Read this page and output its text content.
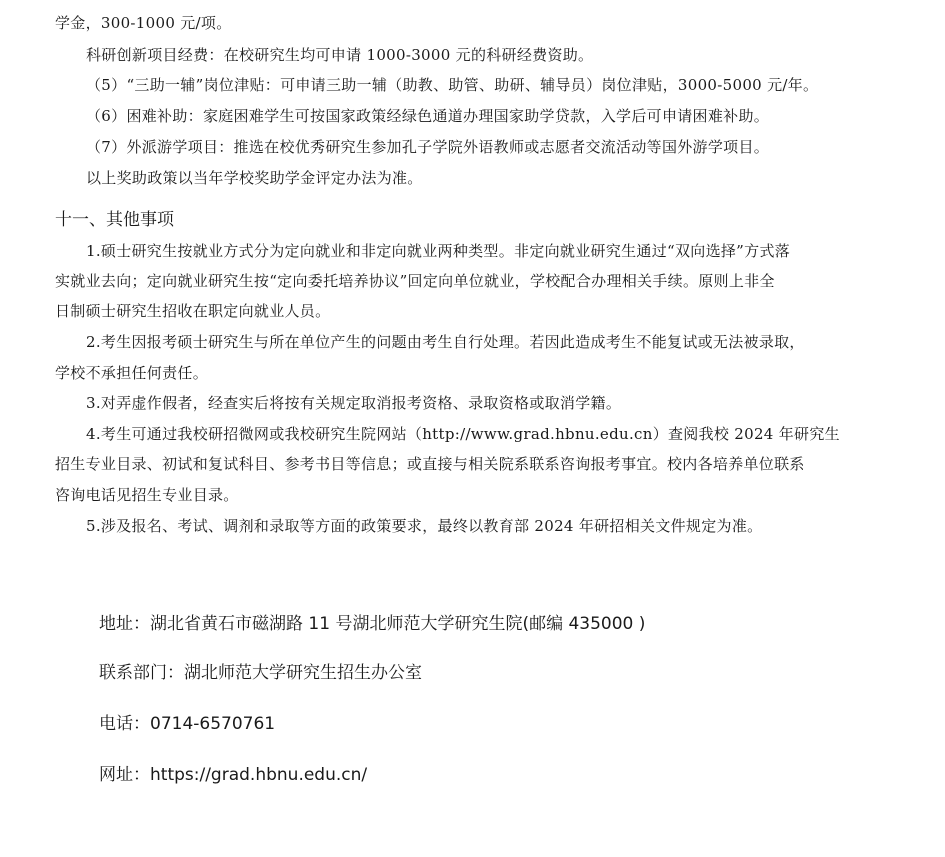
学金，300-1000 元/项。
科研创新项目经费：在校研究生均可申请 1000-3000 元的科研经费资助。
（5）“三助一辅”岗位津贴：可申请三助一辅（助教、助管、助研、辅导员）岗位津贴，3000-5000 元/年。
（6）困难补助：家庭困难学生可按国家政策经绿色通道办理国家助学贷款，入学后可申请困难补助。
（7）外派游学项目：推选在校优秀研究生参加孔子学院外语教师或志愿者交流活动等国外游学项目。
以上奖助政策以当年学校奖助学金评定办法为准。
十一、其他事项
1.硕士研究生按就业方式分为定向就业和非定向就业两种类型。非定向就业研究生通过“双向选择”方式落
实就业去向；定向就业研究生按“定向委托培养协议”回定向单位就业，学校配合办理相关手续。原则上非全
日制硕士研究生招收在职定向就业人员。
2.考生因报考硕士研究生与所在单位产生的问题由考生自行处理。若因此造成考生不能复试或无法被录取，
学校不承担任何责任。
3.对弄虚作假者，经查实后将按有关规定取消报考资格、录取资格或取消学籍。
4.考生可通过我校研招微网或我校研究生院网站（http://www.grad.hbnu.edu.cn）查阅我校 2024 年研究生
招生专业目录、初试和复试科目、参考书目等信息；或直接与相关院系联系咨询报考事宜。校内各培养单位联系
咨询电话见招生专业目录。
5.涉及报名、考试、调剂和录取等方面的政策要求，最终以教育部 2024 年研招相关文件规定为准。
地址：湖北省黄石市磁湖路 11 号湖北师范大学研究生院(邮编 435000 )
联系部门：湖北师范大学研究生招生办公室
电话：0714-6570761
网址：https://grad.hbnu.edu.cn/
